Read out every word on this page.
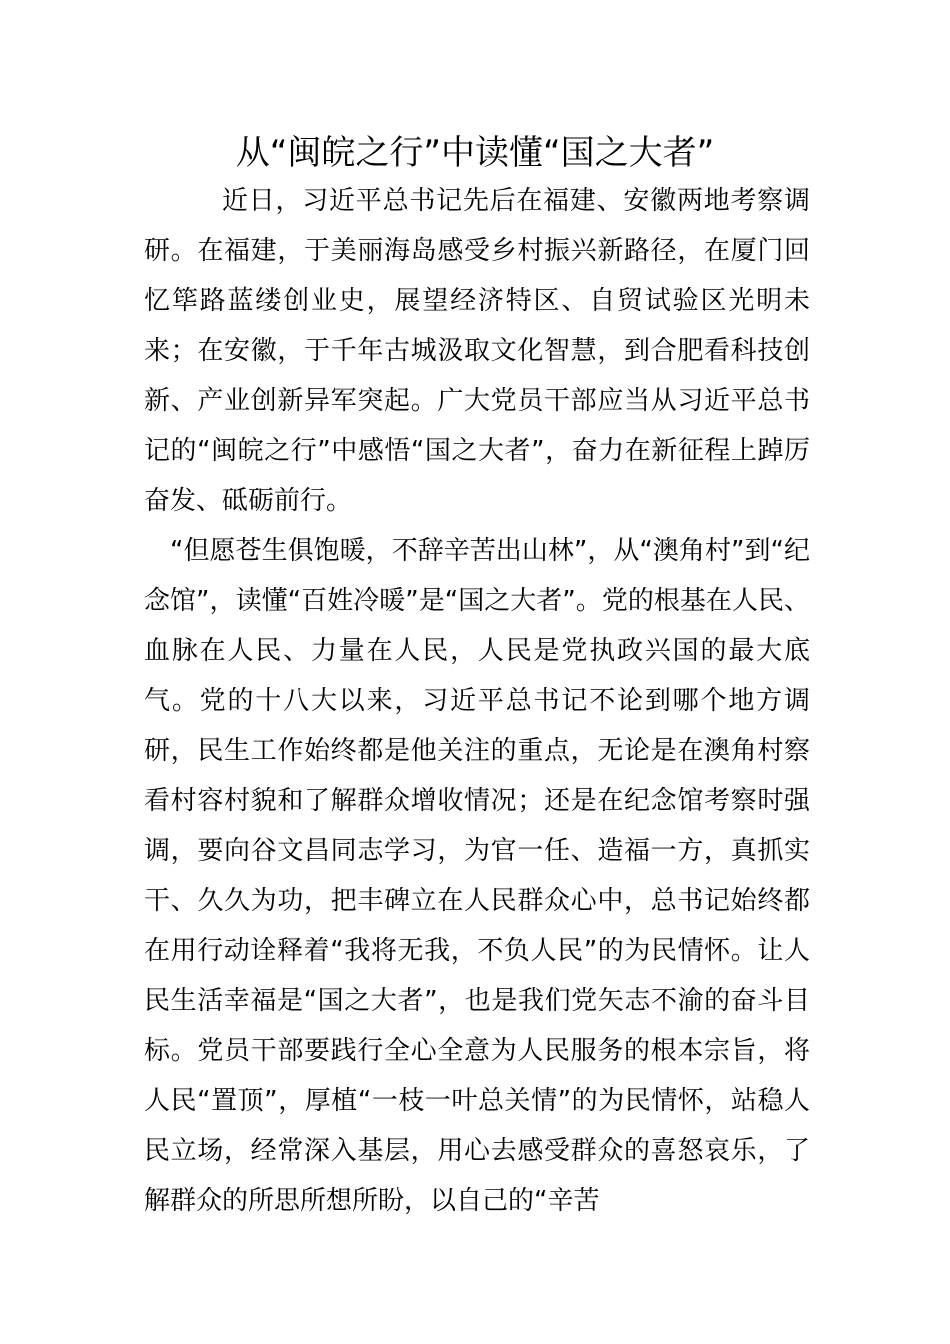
从“闽皖之行”中读懂“国之大者”

近日，习近平总书记先后在福建、安徽两地考察调研。在福建，于美丽海岛感受乡村振兴新路径，在厦门回忆筚路蓝缕创业史，展望经济特区、自贸试验区光明未来；在安徽，于千年古城汲取文化智慧，到合肥看科技创新、产业创新异军突起。广大党员干部应当从习近平总书记的“闽皖之行”中感悟“国之大者”，奋力在新征程上踔厉奋发、砥砺前行。

“但愿苍生俱饱暖，不辞辛苦出山林”，从“澳角村”到“纪念馆”，读懂“百姓冷暖”是“国之大者”。党的根基在人民、血脉在人民、力量在人民，人民是党执政兴国的最大底气。党的十八大以来，习近平总书记不论到哪个地方调研，民生工作始终都是他关注的重点，无论是在澳角村察看村容村貌和了解群众增收情况；还是在纪念馆考察时强调，要向谷文昌同志学习，为官一任、造福一方，真抓实干、久久为功，把丰碑立在人民群众心中，总书记始终都在用行动诠释着“我将无我，不负人民”的为民情怀。让人民生活幸福是“国之大者”，也是我们党矢志不渝的奋斗目标。党员干部要践行全心全意为人民服务的根本宗旨，将人民“置顶”，厚植“一枝一叶总关情”的为民情怀，站稳人民立场，经常深入基层，用心去感受群众的喜怒哀乐，了解群众的所思所想所盼，以自己的“辛苦
